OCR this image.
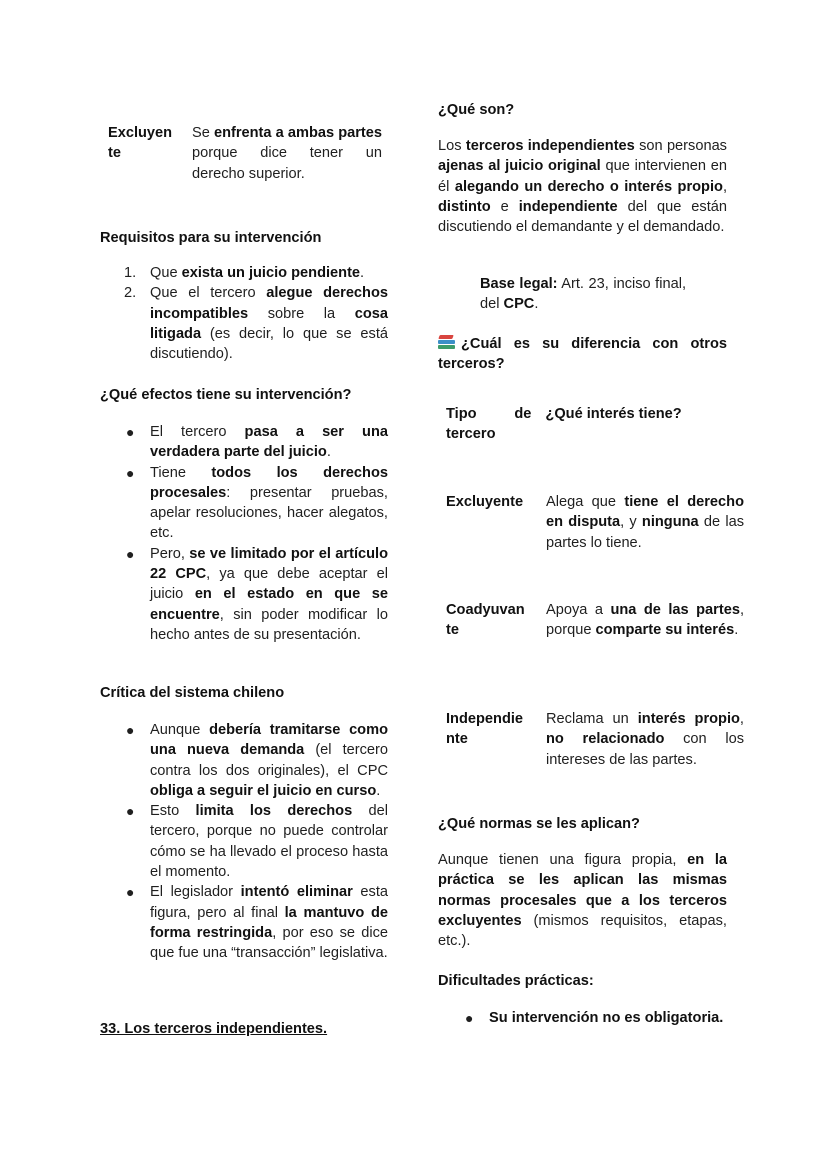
Excluyen
te
Se enfrenta a ambas partes porque dice tener un derecho superior.
Requisitos para su intervención
1. Que exista un juicio pendiente.
2. Que el tercero alegue derechos incompatibles sobre la cosa litigada (es decir, lo que se está discutiendo).
¿Qué efectos tiene su intervención?
● El tercero pasa a ser una verdadera parte del juicio.
● Tiene todos los derechos procesales: presentar pruebas, apelar resoluciones, hacer alegatos, etc.
● Pero, se ve limitado por el artículo 22 CPC, ya que debe aceptar el juicio en el estado en que se encuentre, sin poder modificar lo hecho antes de su presentación.
Crítica del sistema chileno
● Aunque debería tramitarse como una nueva demanda (el tercero contra los dos originales), el CPC obliga a seguir el juicio en curso.
● Esto limita los derechos del tercero, porque no puede controlar cómo se ha llevado el proceso hasta el momento.
● El legislador intentó eliminar esta figura, pero al final la mantuvo de forma restringida, por eso se dice que fue una “transacción” legislativa.
33. Los terceros independientes.
¿Qué son?
Los terceros independientes son personas ajenas al juicio original que intervienen en él alegando un derecho o interés propio, distinto e independiente del que están discutiendo el demandante y el demandado.
Base legal: Art. 23, inciso final, del CPC.
¿Cuál es su diferencia con otros terceros?
Tipo de tercero
¿Qué interés tiene?
Excluyente	Alega que tiene el derecho en disputa, y ninguna de las partes lo tiene.
Coadyuvan
te
Apoya a una de las partes, porque comparte su interés.
Independie
nte
Reclama un interés propio, no relacionado con los intereses de las partes.
¿Qué normas se les aplican?
Aunque tienen una figura propia, en la práctica se les aplican las mismas normas procesales que a los terceros excluyentes (mismos requisitos, etapas, etc.).
Dificultades prácticas:
● Su intervención no es obligatoria.
